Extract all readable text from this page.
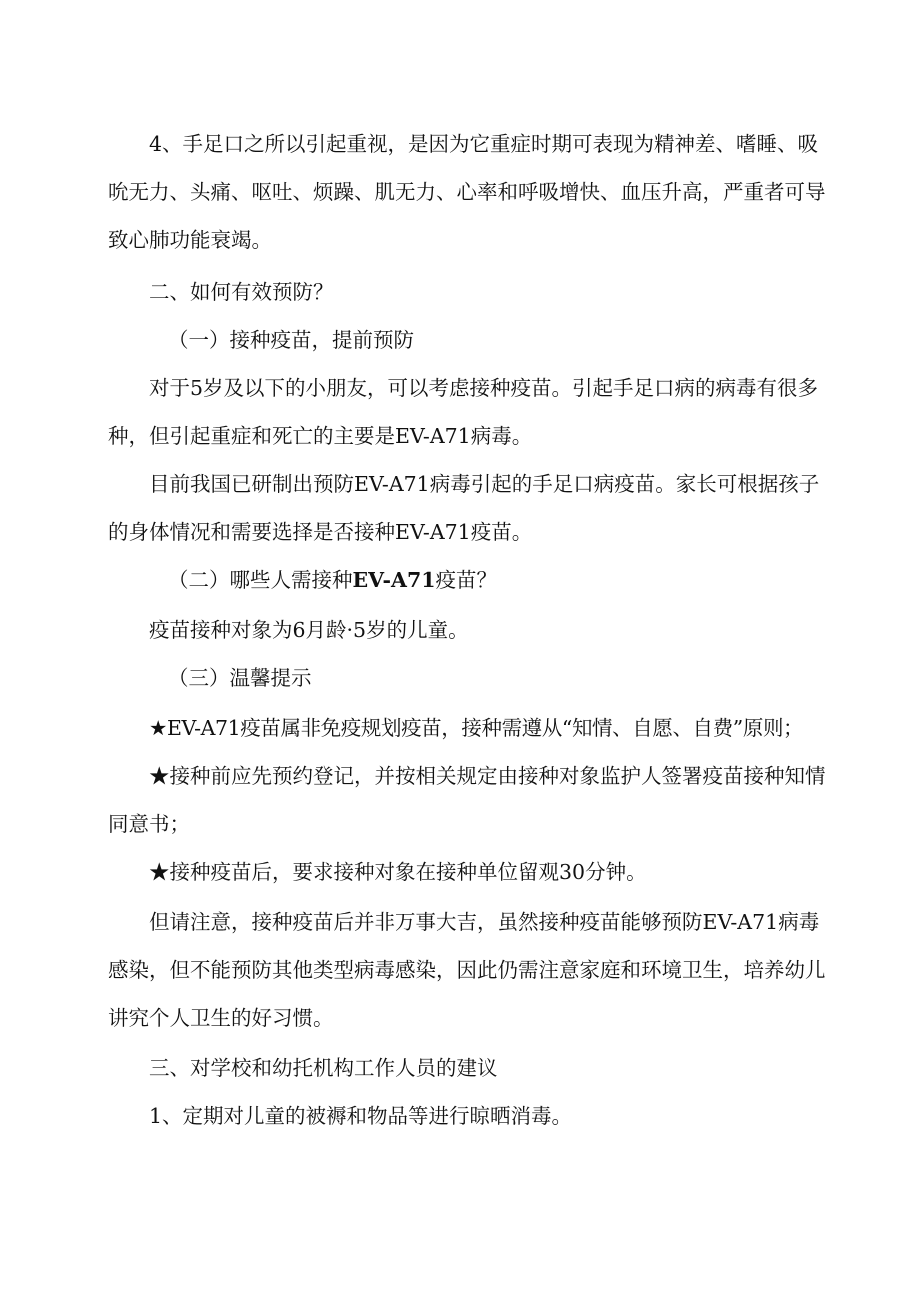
4、手足口之所以引起重视，是因为它重症时期可表现为精神差、嗜睡、吸
吮无力、头痛、呕吐、烦躁、肌无力、心率和呼吸增快、血压升高，严重者可导
致心肺功能衰竭。
二、如何有效预防？
（一）接种疫苗，提前预防
对于5岁及以下的小朋友，可以考虑接种疫苗。引起手足口病的病毒有很多
种，但引起重症和死亡的主要是EV-A71病毒。
目前我国已研制出预防EV-A71病毒引起的手足口病疫苗。家长可根据孩子
的身体情况和需要选择是否接种EV-A71疫苗。
（二）哪些人需接种EV-A71疫苗？
疫苗接种对象为6月龄·5岁的儿童。
（三）温馨提示
★EV-A71疫苗属非免疫规划疫苗，接种需遵从“知情、自愿、自费”原则；
★接种前应先预约登记，并按相关规定由接种对象监护人签署疫苗接种知情
同意书；
★接种疫苗后，要求接种对象在接种单位留观30分钟。
但请注意，接种疫苗后并非万事大吉，虽然接种疫苗能够预防EV-A71病毒
感染，但不能预防其他类型病毒感染，因此仍需注意家庭和环境卫生，培养幼儿
讲究个人卫生的好习惯。
三、对学校和幼托机构工作人员的建议
1、定期对儿童的被褥和物品等进行晾晒消毒。
